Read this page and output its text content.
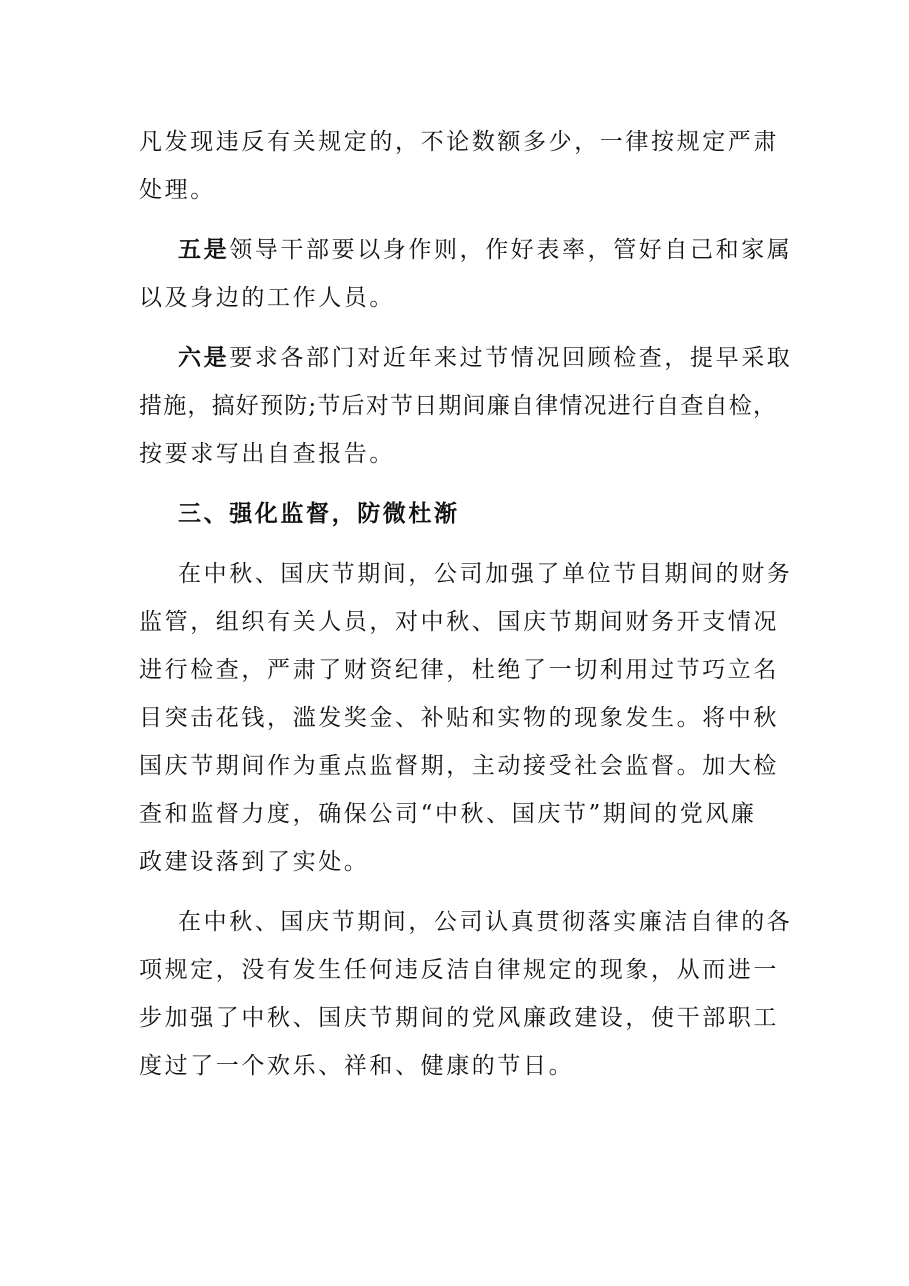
凡发现违反有关规定的，不论数额多少，一律按规定严肃
处理。

五是领导干部要以身作则，作好表率，管好自己和家属
以及身边的工作人员。

六是要求各部门对近年来过节情况回顾检查，提早采取
措施，搞好预防;节后对节日期间廉自律情况进行自查自检，
按要求写出自查报告。

三、强化监督，防微杜渐

在中秋、国庆节期间，公司加强了单位节目期间的财务
监管，组织有关人员，对中秋、国庆节期间财务开支情况
进行检查，严肃了财资纪律，杜绝了一切利用过节巧立名
目突击花钱，滥发奖金、补贴和实物的现象发生。将中秋
国庆节期间作为重点监督期，主动接受社会监督。加大检
查和监督力度，确保公司“中秋、国庆节”期间的党风廉
政建设落到了实处。

在中秋、国庆节期间，公司认真贯彻落实廉洁自律的各
项规定，没有发生任何违反洁自律规定的现象，从而进一
步加强了中秋、国庆节期间的党风廉政建设，使干部职工
度过了一个欢乐、祥和、健康的节日。
